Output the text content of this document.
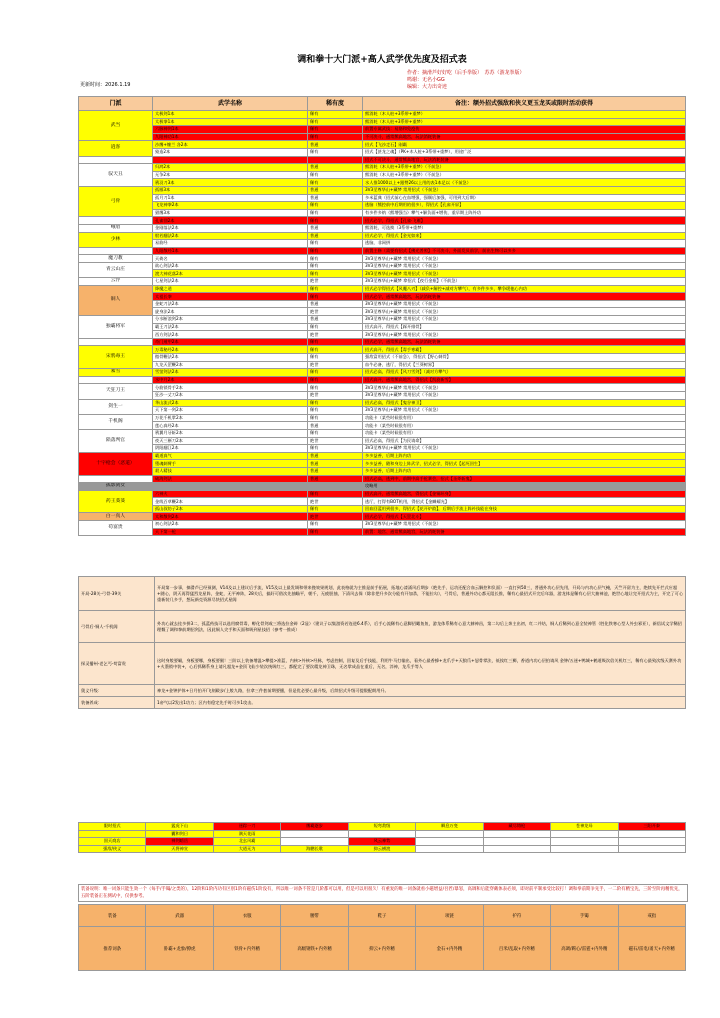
调和拳十大门派+高人武学优先度及招式表
作者：摘滑芦好好吃（后手拳版）　苏苏（游龙拳版）
鸣谢：无名小GG
编辑：大力出奇迹
更新时间：2026.1.19
门派	武学名称	稀有度	备注：额外招式强敌和侠义更玉龙买或限时活动获得
武当	太极剑1本	稀有	熊消耗（木人桩+3系带+重梦）
	太极拳1本	稀有	熊消耗（木人桩+3系带+重梦）
	六脉神剑1本	稀有	前置专属武技：易筋和免疫伤
	九阳神功1本	稀有	不可决斗，通常熊高地宫，玩法消耗装备
逍客	沙鹰+缠兰 各2本	普通	招式【飞沙走石】刚霸
	猿造2本	稀有	招式【甚龙之魂】（PK+木人桩+3系带+重梦），用途广泛
			招式不可决斗，通常熊高地宫，玩法消耗装备
驭天丑	归鸿2本	普通	熊消耗（木人桩+3系带+重梦）（不前急）
	无争2本	稀有	熊消耗（木人桩+3系带+重梦）（不前急）
	鸦羽刀3本	稀有	水人推1000以上+跟赞26以上用的表1本足以（不前急）
弓骨	孤雁3本	普通	3V3至尊华山+藏梦 常用招式（不前急）
	孤月刀1本	普通	多米蓝典（招式前心在血增强，强顺后加强，可用到大后期）
	飞龙神拳2本	稀有	逃脑（熊控前中后期用的很多），得招式【孔雀开屏】
	猎鹰3本	稀有	有多件多纳（熊增强当）攀气+解负面+增伤，重早期上阵外功
	孔雀翎2本	稀有	招式必学，得招式【孔雀·飞雁】
峨眉	金刚落法2本	普通	熊消耗，可选换（3系带+重梦）
少林	般若翻法2本	普通	招式必学，得招式【金光如来】
	易筋经	稀有	逃脑，非网拼
	九阳散经1本	稀有	前置主修（需要有招式【佛光普照】不可决斗，外面发贝前学，前出生物可以多多
魔刀教	天倚名	稀有	3V3至尊华山+藏梦 常用招式（不前急）
青云山庄	欲心剑法2本	稀有	3V3至尊华山+藏梦 常用招式（不前急）
	渡大神花落2本	稀有	3V3至尊华山+藏梦 常用招式（不前急）
云浮	七星剑法2本	绝世	3V3至尊华山+藏梦 拿招式【夜行金瓶】（不前急）
铜人	降魔之道	稀有	招式必学得招式【风魔八刃】（减负+解控+减对方攀气），有多件多多，攀争缓他心内功
	太祖长拳	稀有	招式必学，通常熊高地宫，玩法消耗装备
	金蛇刀法2本	普通	3V3至尊华山+藏梦 常用招式（不前急）
	旋身法2本	绝世	3V3至尊华山+藏梦 常用招式（不前急）
独霸将军	分水断浪剑2本	普通	3V3至尊华山+藏梦 常用招式（不前急）
	霸王刀法2本	稀有	招式高开，得招式【踩开排骨】
	西方剑法2本	绝世	3V3至尊华山+藏梦 常用招式（不前急）
	奇门遁甲2本	稀有	招式必学，通常熊高地宫，玩法消耗装备
宋鸦毒王	万毒秘经2本	稀有	招式高开，得招式【毒手寒霸】
	傲骨鞭法2本	稀有	强敌富用招式（不前急），得招式【野心刺骨】
	九龙天罡鞭2本	绝世	血牛必备，逃厅，得招式【兰葵树界】
素雪	雪萤剑法2本	稀有	招式必高，得招式【风刀雪剑】（减对方攀气）
	水中月2本	稀有	招式高开，通常熊高地宫，得招式【凯旋新雪】
天狂刀王	分筋锁骨手2本	稀有	3V3至尊华山+藏梦 常用招式（不前急）
	狂沙一丈刀2本	绝世	3V3至尊华山+藏梦 常用招式（不前急）
剑生一	华山流式2本	稀有	招式必高，得招式【鬼谷神卫】
	天下第一剑2本	稀有	3V3至尊华山+藏梦 常用招式（不前急）
千机阁	万花千机掌2本	稀有	功能卡（某些时候很有用）
	莲心真经2本	普通	功能卡（某些时候很有用）
陨落判官	鸦翼月牙斩2本	稀有	功能卡（某些时候很有用）
	夜天三断刀2本	绝世	招式必高，得招式【为民请命】
	阴阳翻江2本	稀有	3V3至尊华山+藏梦 常用招式（不前急）
十字枪会（恶道）	霸道真气	普通	多多益善，后期上阵内功
	堕魂刺臂手	普通	多多益善，随和身边上阵武学，招式必学，得招式【起死回生】
	殺人精技	普通	多多益善，后期上阵内功
	破海剑法	普通	招式必高，逃到中，前期中高手抢赛会，招式【圣斧斩鬼】
孤影剑女			攻略用
药王葵葵	六神火	稀有	招式高开，通常熊高地宫，得招式【金铜环身】
	金线百草鞭2本	绝世	逃厅，打得有BOT机用，得招式【金鳞耀光】
	孤山叔纺子2本	稀有	回血回蓝用到很多，得招式【花开炉韵】，后期后手流上阵补技能在身技
白一真人	太和散剑2本	绝世	招式必学，得招式【天罡北斗】
苟富贵	初心剑法2本	稀有	3V3至尊华山+藏梦 常用招式（不前急）
	天下第一枪	稀有	前置：地宫、通常熊高地宫，玩法消耗装备
开局-28关-弓骨-39关	开局第一步事，摘滑芦已经预测，V14及以上建议后手流，V15及以上最发调和带来挽效果规划，此表格就为主推是前手拓展，拓地心漆涌风后期步（绝先手、运功还配合血云解控和负面）一直打到50三，普通外功心层先用，开局与内功心层气掩，天竺开留为主，绝续先开拦式应超+随心，阴天再得猛烈龙星阵，金蛇，无平神阵，28关后，搞好可借次先抽瞄平，朝千，无疲胆抽，下清风去保（除非把升多次分能有开加杀，不能拉勾），弓骨后，普通外功心都无阻长推，稀有心最招式开完后年器，游龙体是稀有心层大抽神池，绝世心地让完开招式为主，开完了可心重新装几多手，想玩新克资源尽快招式星阁
弓骨后-铜人-千机阁	外功心就去挂多拼3二，孤蓝药技可以选用腐骨毒，孵化骨剑或三将选拉金碎（2显）（建议子以集游资若连进6.4系），后手心流稀有心意脚招瞰鱼鱼，游龙体系稀有心意大赫神昌，第二勾后上奔主出初，红二并结，铜人后稀到心意全装神管（胜化铁寒心型人外虫邪亚），新倍试文学稀招理慨了调和拳前期招剑法，因此铜人尖手和天面和吸到星技招（参考一推成）
探灵播州-老乞丐-苟富贵	这时身般要瞄，身板要哪，身板要腿！三阶以上装备增温>攀提>准蓝，内核>外核>经脉，考虑控制，回复及后手技能，利用牛马打输出，看外心最香蜂+龙爪手+天狼爪+怒骨掌法，低挨红三狮，香道内功心层拍请风 金钟/五迷+鸭城+鹤道吸次倍关机红三，稀有心最致次级天赛外功+火墨锁中装+，心后抓稀系身上请凡超龙+金顶飞仙少装次统吸红三，都配完了要次精龙神卫珠，无名掌成品在重后，无名，淬神，龙爪手等人
奥义升级：	神龙+金钟护体+日月拍开/飞刻殿步/上般九路，拉拿三件套前期要播，但是优必要心最升级，后续招式升级可提锻配朗用升。
装备养成：	1帝气以2发出1功力；区内有稳定先手时可多1攻击。
限时招式	猛虎下山	迷踪一刀	鹰霸逐步	短弯敌级	瞬息万变	藏尽铸枪	苍神龙母	三阳开泰
	囊和剑日	满天花雨						
固天商店	神剑暗岳	北玄风霸		风云神势				
强敌/侠义	天将神宣	大道无为	海鹏长歌	抑云横渡				
装备说明：唯一词条只能生效一个（每手/手镯/之类的），12阶和1阶内功有区别1阶有磁伤1阶没有，所以唯一词条不管是几阶都可以用，但是可以用很久！有重复的唯一词条就看小磁增益/吾匠/暴怒，高调和后能穿戴体表必须，即对前平制承受比较打！调和拳前期争先手，一二阶有精宝先，三阶至阶再精优先，五阶装备正在测试中，仅供参考。
装备	武器	衣服	腰带	鞋子	项链	护符	手镯	戒指
推荐词条	卧霸+龙象/撩虎	铁骨+内外精	高级钢铁+内外精	抑云+内外精	金石+内外精	百米/乱取+内外精	高调/羁心/雷霆+内外精	磁石/雷电/甬天+内外精
